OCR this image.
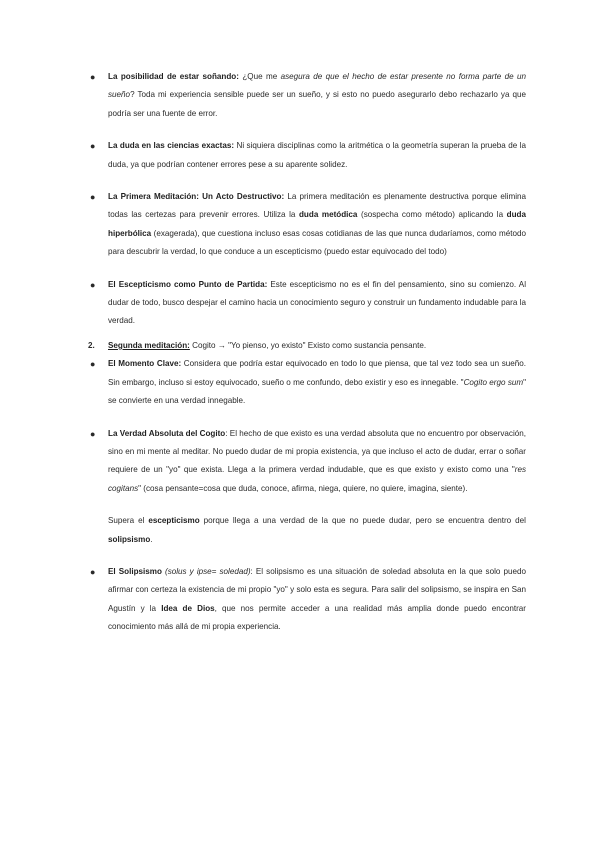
● La posibilidad de estar soñando: ¿Que me asegura de que el hecho de estar presente no forma parte de un sueño? Toda mi experiencia sensible puede ser un sueño, y si esto no puedo asegurarlo debo rechazarlo ya que podría ser una fuente de error.
● La duda en las ciencias exactas: Ni siquiera disciplinas como la aritmética o la geometría superan la prueba de la duda, ya que podrían contener errores pese a su aparente solidez.
● La Primera Meditación: Un Acto Destructivo: La primera meditación es plenamente destructiva porque elimina todas las certezas para prevenir errores. Utiliza la duda metódica (sospecha como método) aplicando la duda hiperbólica (exagerada), que cuestiona incluso esas cosas cotidianas de las que nunca dudaríamos, como método para descubrir la verdad, lo que conduce a un escepticismo (puedo estar equivocado del todo)
● El Escepticismo como Punto de Partida: Este escepticismo no es el fin del pensamiento, sino su comienzo. Al dudar de todo, busco despejar el camino hacia un conocimiento seguro y construir un fundamento indudable para la verdad.
2. Segunda meditación: Cogito → "Yo pienso, yo existo" Existo como sustancia pensante.
● El Momento Clave: Considera que podría estar equivocado en todo lo que piensa, que tal vez todo sea un sueño. Sin embargo, incluso si estoy equivocado, sueño o me confundo, debo existir y eso es innegable. "Cogito ergo sum" se convierte en una verdad innegable.
● La Verdad Absoluta del Cogito: El hecho de que existo es una verdad absoluta que no encuentro por observación, sino en mi mente al meditar. No puedo dudar de mi propia existencia, ya que incluso el acto de dudar, errar o soñar requiere de un "yo" que exista. Llega a la primera verdad indudable, que es que existo y existo como una "res cogitans" (cosa pensante=cosa que duda, conoce, afirma, niega, quiere, no quiere, imagina, siente).
Supera el escepticismo porque llega a una verdad de la que no puede dudar, pero se encuentra dentro del solipsismo.
● El Solipsismo (solus y ipse= soledad): El solipsismo es una situación de soledad absoluta en la que solo puedo afirmar con certeza la existencia de mi propio "yo" y solo esta es segura. Para salir del solipsismo, se inspira en San Agustín y la Idea de Dios, que nos permite acceder a una realidad más amplia donde puedo encontrar conocimiento más allá de mi propia experiencia.
